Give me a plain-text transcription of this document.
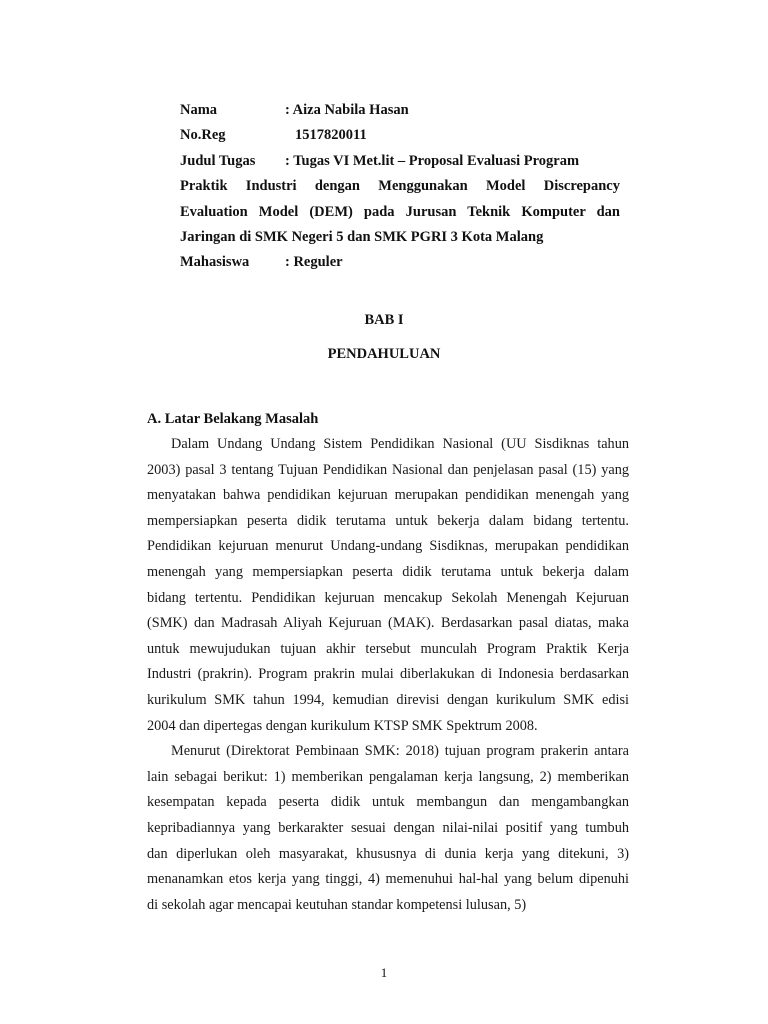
Nama	: Aiza Nabila Hasan
No.Reg	1517820011
Judul Tugas	: Tugas VI Met.lit – Proposal Evaluasi Program
Praktik Industri dengan Menggunakan Model Discrepancy
Evaluation Model (DEM) pada Jurusan Teknik Komputer dan
Jaringan di SMK Negeri 5 dan SMK PGRI 3 Kota Malang
Mahasiswa	: Reguler
BAB I
PENDAHULUAN
A. Latar Belakang Masalah
Dalam Undang Undang Sistem Pendidikan Nasional (UU Sisdiknas tahun
2003) pasal 3 tentang Tujuan Pendidikan Nasional dan penjelasan pasal (15) yang
menyatakan bahwa pendidikan kejuruan merupakan pendidikan menengah yang
mempersiapkan peserta didik terutama untuk bekerja dalam bidang tertentu.
Pendidikan kejuruan menurut Undang-undang Sisdiknas, merupakan pendidikan
menengah yang mempersiapkan peserta didik terutama untuk bekerja dalam
bidang tertentu. Pendidikan kejuruan mencakup Sekolah Menengah Kejuruan
(SMK) dan Madrasah Aliyah Kejuruan (MAK). Berdasarkan pasal diatas, maka
untuk mewujudukan tujuan akhir tersebut munculah Program Praktik Kerja
Industri (prakrin). Program prakrin mulai diberlakukan di Indonesia berdasarkan
kurikulum SMK tahun 1994, kemudian direvisi dengan kurikulum SMK edisi
2004 dan dipertegas dengan kurikulum KTSP SMK Spektrum 2008.
Menurut (Direktorat Pembinaan SMK: 2018) tujuan program prakerin antara
lain sebagai berikut: 1) memberikan pengalaman kerja langsung, 2) memberikan
kesempatan kepada peserta didik untuk membangun dan mengambangkan
kepribadiannya yang berkarakter sesuai dengan nilai-nilai positif yang tumbuh
dan diperlukan oleh masyarakat, khususnya di dunia kerja yang ditekuni, 3)
menanamkan etos kerja yang tinggi, 4) memenuhui hal-hal yang belum dipenuhi
di sekolah agar mencapai keutuhan standar kompetensi lulusan, 5)
1
